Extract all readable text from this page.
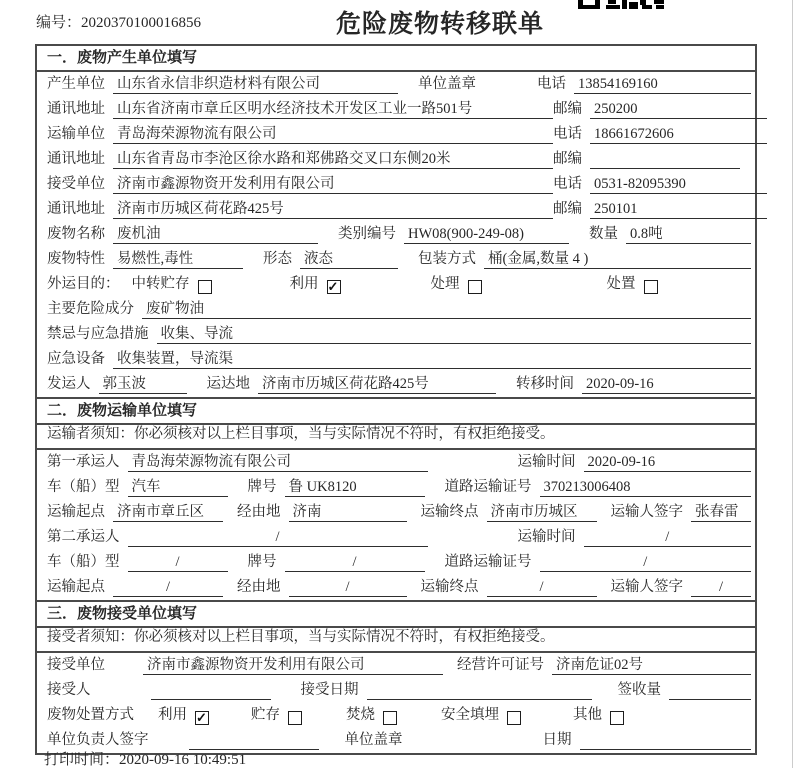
编号：2020370100016856	危险废物转移联单
一．废物产生单位填写
产生单位 山东省永信非织造材料有限公司	单位盖章	电话 13854169160
通讯地址 山东省济南市章丘区明水经济技术开发区工业一路501号	邮编 250200
运输单位 青岛海荣源物流有限公司	电话 18661672606
通讯地址 山东省青岛市李沧区徐水路和郑佛路交叉口东侧20米	邮编
接受单位 济南市鑫源物资开发利用有限公司	电话 0531-82095390
通讯地址 济南市历城区荷花路425号	邮编 250101
废物名称 废机油	类别编号 HW08(900-249-08)	数量 0.8吨
废物特性 易燃性,毒性	形态 液态	包装方式 桶(金属,数量 4 )
外运目的： 中转贮存	利用 ✓	处理	处置
主要危险成分 废矿物油
禁忌与应急措施 收集、导流
应急设备 收集装置，导流渠
发运人 郭玉波	运达地 济南市历城区荷花路425号	转移时间 2020-09-16
二．废物运输单位填写
运输者须知：你必须核对以上栏目事项，当与实际情况不符时，有权拒绝接受。
第一承运人 青岛海荣源物流有限公司	运输时间 2020-09-16
车（船）型 汽车	牌号 鲁 UK8120	道路运输证号 370213006408
运输起点 济南市章丘区	经由地 济南	运输终点 济南市历城区	运输人签字 张春雷
第二承运人	/	运输时间	/
车（船）型	/	牌号	/	道路运输证号	/
运输起点	/	经由地	/	运输终点	/	运输人签字	/
三．废物接受单位填写
接受者须知：你必须核对以上栏目事项，当与实际情况不符时，有权拒绝接受。
接受单位	济南市鑫源物资开发利用有限公司	经营许可证号 济南危证02号
接受人	接受日期	签收量
废物处置方式 利用 ✓	贮存	焚烧	安全填埋	其他
单位负责人签字	单位盖章	日期
打印时间：2020-09-16 10:49:51
